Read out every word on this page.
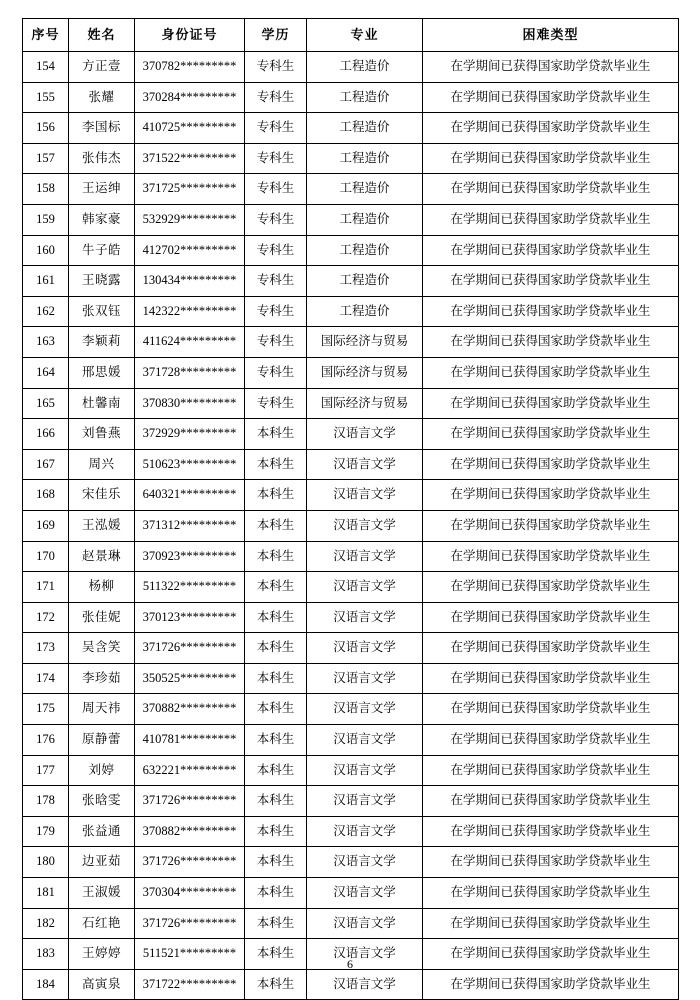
序号	姓名	身份证号	学历	专业	困难类型
154	方正壹	370782*********	专科生	工程造价	在学期间已获得国家助学贷款毕业生
155	张耀	370284*********	专科生	工程造价	在学期间已获得国家助学贷款毕业生
156	李国标	410725*********	专科生	工程造价	在学期间已获得国家助学贷款毕业生
157	张伟杰	371522*********	专科生	工程造价	在学期间已获得国家助学贷款毕业生
158	王运绅	371725*********	专科生	工程造价	在学期间已获得国家助学贷款毕业生
159	韩家豪	532929*********	专科生	工程造价	在学期间已获得国家助学贷款毕业生
160	牛子皓	412702*********	专科生	工程造价	在学期间已获得国家助学贷款毕业生
161	王晓露	130434*********	专科生	工程造价	在学期间已获得国家助学贷款毕业生
162	张双钰	142322*********	专科生	工程造价	在学期间已获得国家助学贷款毕业生
163	李颖莉	411624*********	专科生	国际经济与贸易	在学期间已获得国家助学贷款毕业生
164	邢思媛	371728*********	专科生	国际经济与贸易	在学期间已获得国家助学贷款毕业生
165	杜馨南	370830*********	专科生	国际经济与贸易	在学期间已获得国家助学贷款毕业生
166	刘鲁燕	372929*********	本科生	汉语言文学	在学期间已获得国家助学贷款毕业生
167	周兴	510623*********	本科生	汉语言文学	在学期间已获得国家助学贷款毕业生
168	宋佳乐	640321*********	本科生	汉语言文学	在学期间已获得国家助学贷款毕业生
169	王泓媛	371312*********	本科生	汉语言文学	在学期间已获得国家助学贷款毕业生
170	赵景琳	370923*********	本科生	汉语言文学	在学期间已获得国家助学贷款毕业生
171	杨柳	511322*********	本科生	汉语言文学	在学期间已获得国家助学贷款毕业生
172	张佳妮	370123*********	本科生	汉语言文学	在学期间已获得国家助学贷款毕业生
173	吴含笑	371726*********	本科生	汉语言文学	在学期间已获得国家助学贷款毕业生
174	李珍茹	350525*********	本科生	汉语言文学	在学期间已获得国家助学贷款毕业生
175	周天祎	370882*********	本科生	汉语言文学	在学期间已获得国家助学贷款毕业生
176	原静蕾	410781*********	本科生	汉语言文学	在学期间已获得国家助学贷款毕业生
177	刘婷	632221*********	本科生	汉语言文学	在学期间已获得国家助学贷款毕业生
178	张晗雯	371726*********	本科生	汉语言文学	在学期间已获得国家助学贷款毕业生
179	张益通	370882*********	本科生	汉语言文学	在学期间已获得国家助学贷款毕业生
180	边亚茹	371726*********	本科生	汉语言文学	在学期间已获得国家助学贷款毕业生
181	王淑媛	370304*********	本科生	汉语言文学	在学期间已获得国家助学贷款毕业生
182	石红艳	371726*********	本科生	汉语言文学	在学期间已获得国家助学贷款毕业生
183	王婷婷	511521*********	本科生	汉语言文学	在学期间已获得国家助学贷款毕业生
184	高寅泉	371722*********	本科生	汉语言文学	在学期间已获得国家助学贷款毕业生
6
